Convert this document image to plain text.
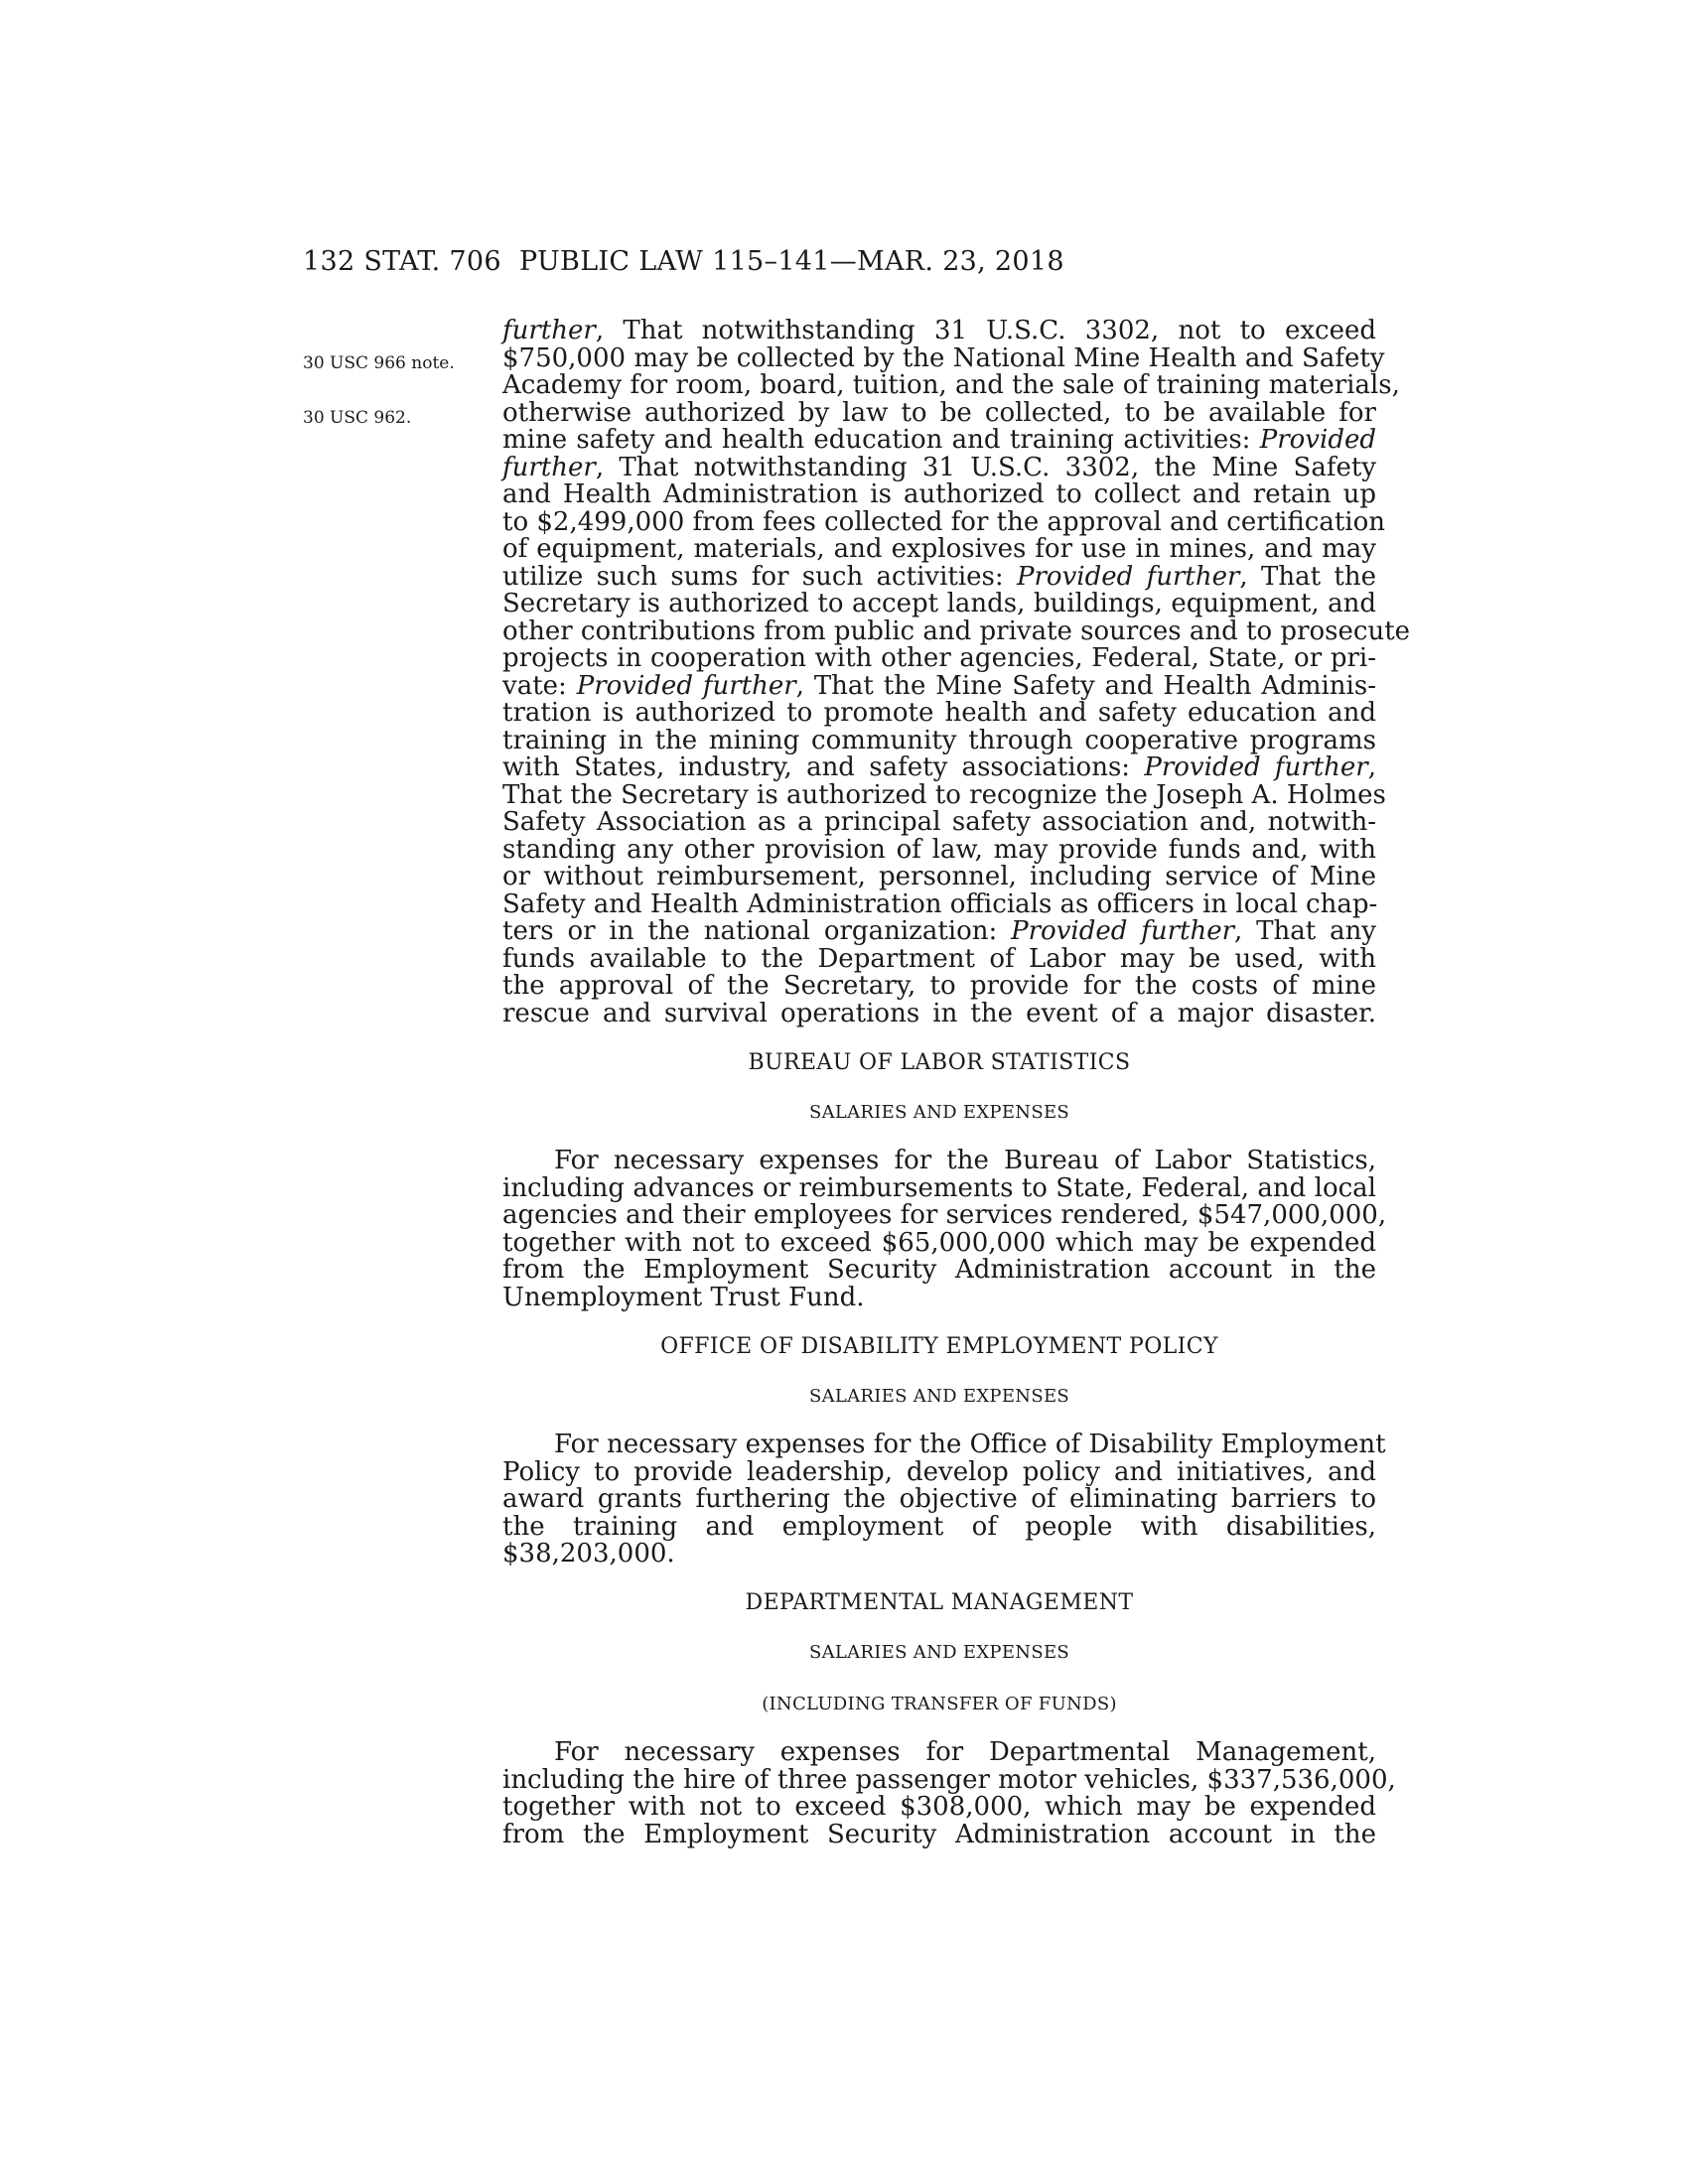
132 STAT. 706 PUBLIC LAW 115–141—MAR. 23, 2018
30 USC 966 note.
30 USC 962.
further, That notwithstanding 31 U.S.C. 3302, not to exceed
$750,000 may be collected by the National Mine Health and Safety
Academy for room, board, tuition, and the sale of training materials,
otherwise authorized by law to be collected, to be available for
mine safety and health education and training activities: Provided
further, That notwithstanding 31 U.S.C. 3302, the Mine Safety
and Health Administration is authorized to collect and retain up
to $2,499,000 from fees collected for the approval and certification
of equipment, materials, and explosives for use in mines, and may
utilize such sums for such activities: Provided further, That the
Secretary is authorized to accept lands, buildings, equipment, and
other contributions from public and private sources and to prosecute
projects in cooperation with other agencies, Federal, State, or pri-
vate: Provided further, That the Mine Safety and Health Adminis-
tration is authorized to promote health and safety education and
training in the mining community through cooperative programs
with States, industry, and safety associations: Provided further,
That the Secretary is authorized to recognize the Joseph A. Holmes
Safety Association as a principal safety association and, notwith-
standing any other provision of law, may provide funds and, with
or without reimbursement, personnel, including service of Mine
Safety and Health Administration officials as officers in local chap-
ters or in the national organization: Provided further, That any
funds available to the Department of Labor may be used, with
the approval of the Secretary, to provide for the costs of mine
rescue and survival operations in the event of a major disaster.
BUREAU OF LABOR STATISTICS
SALARIES AND EXPENSES
For necessary expenses for the Bureau of Labor Statistics,
including advances or reimbursements to State, Federal, and local
agencies and their employees for services rendered, $547,000,000,
together with not to exceed $65,000,000 which may be expended
from the Employment Security Administration account in the
Unemployment Trust Fund.
OFFICE OF DISABILITY EMPLOYMENT POLICY
SALARIES AND EXPENSES
For necessary expenses for the Office of Disability Employment
Policy to provide leadership, develop policy and initiatives, and
award grants furthering the objective of eliminating barriers to
the training and employment of people with disabilities,
$38,203,000.
DEPARTMENTAL MANAGEMENT
SALARIES AND EXPENSES
(INCLUDING TRANSFER OF FUNDS)
For necessary expenses for Departmental Management,
including the hire of three passenger motor vehicles, $337,536,000,
together with not to exceed $308,000, which may be expended
from the Employment Security Administration account in the
